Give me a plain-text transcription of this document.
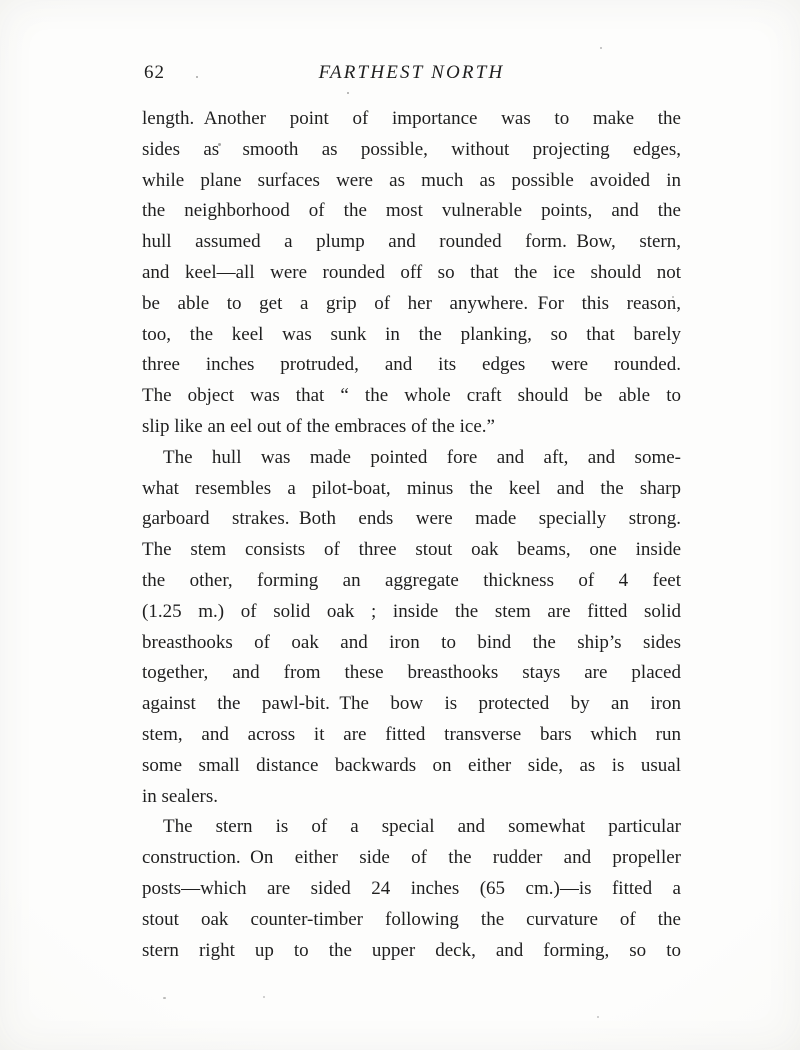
62	FARTHEST NORTH
length. Another point of importance was to make the
sides as smooth as possible, without projecting edges,
while plane surfaces were as much as possible avoided in
the neighborhood of the most vulnerable points, and the
hull assumed a plump and rounded form. Bow, stern,
and keel—all were rounded off so that the ice should not
be able to get a grip of her anywhere. For this reason,
too, the keel was sunk in the planking, so that barely
three inches protruded, and its edges were rounded.
The object was that “ the whole craft should be able to
slip like an eel out of the embraces of the ice.”
The hull was made pointed fore and aft, and some-
what resembles a pilot-boat, minus the keel and the sharp
garboard strakes. Both ends were made specially strong.
The stem consists of three stout oak beams, one inside
the other, forming an aggregate thickness of 4 feet
(1.25 m.) of solid oak ; inside the stem are fitted solid
breasthooks of oak and iron to bind the ship’s sides
together, and from these breasthooks stays are placed
against the pawl-bit. The bow is protected by an iron
stem, and across it are fitted transverse bars which run
some small distance backwards on either side, as is usual
in sealers.
The stern is of a special and somewhat particular
construction. On either side of the rudder and propeller
posts—which are sided 24 inches (65 cm.)—is fitted a
stout oak counter-timber following the curvature of the
stern right up to the upper deck, and forming, so to
